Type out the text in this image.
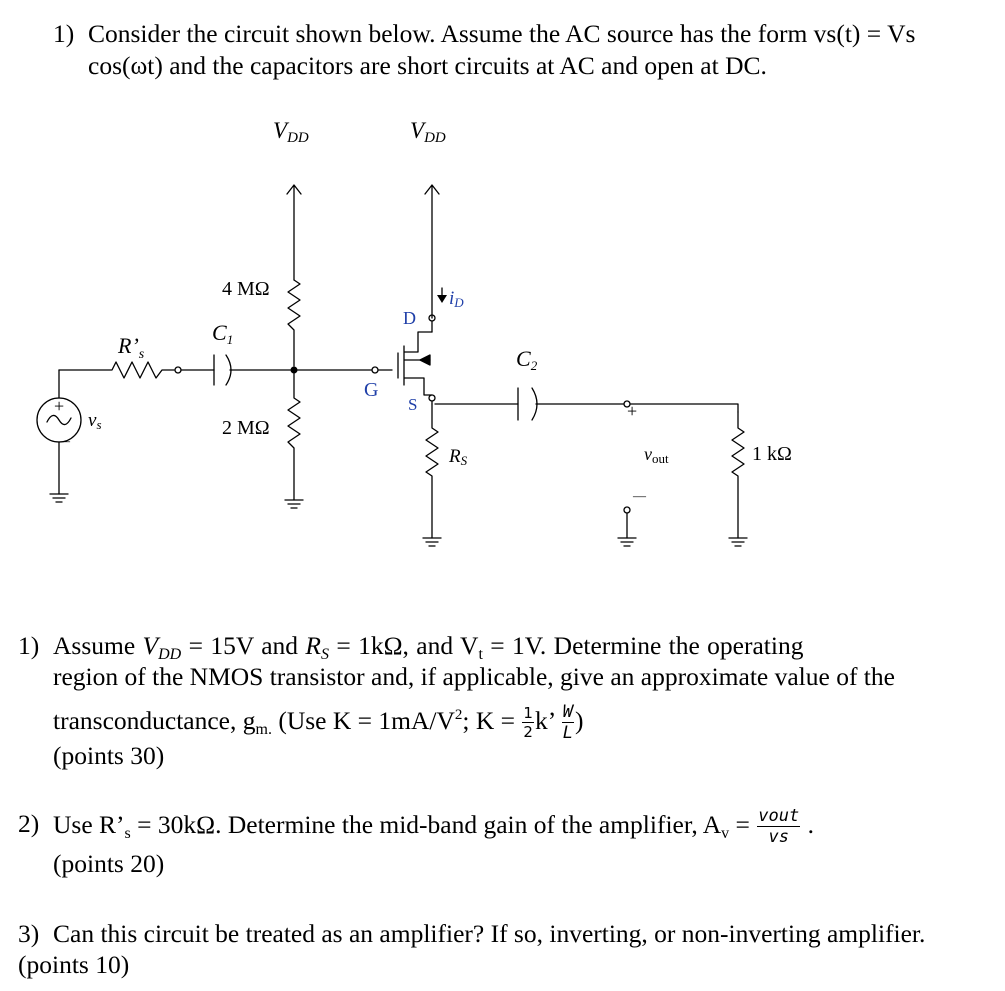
1) Consider the circuit shown below. Assume the AC source has the form vs(t) = Vs
cos(ωt) and the capacitors are short circuits at AC and open at DC.
VDD	VDD
4 MΩ
2 MΩ
C1
C2
$R’_s$
+
—
vs
G
D
S
iD
RS	vout
+
—
1 kΩ
1) Assume $V_{DD} = 15V$ and $R_S = 1k\Omega$, and $V_t = 1V$. Determine the operating
region of the NMOS transistor and, if applicable, give an approximate value of the
transconductance, $g_{m.}$ (Use $K = 1mA/V^2$; $K = \frac{1}{2} k$’ $\frac{W}{L}$ )
(points 30)
2) Use $R’_s = 30k\Omega$. Determine the mid-band gain of the amplifier, $A_v = \frac{\text{vout}}{vs}$ .
(points 20)
3) Can this circuit be treated as an amplifier? If so, inverting, or non-inverting amplifier.
(points 10)
